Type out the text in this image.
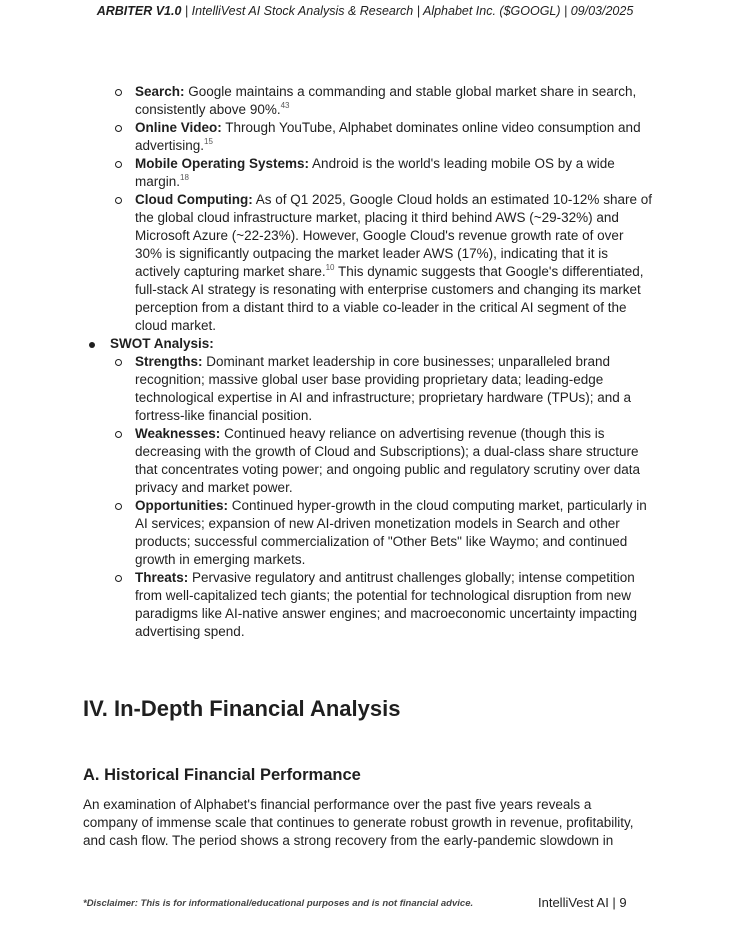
ARBITER V1.0 | IntelliVest AI Stock Analysis & Research | Alphabet Inc. ($GOOGL) | 09/03/2025
Search: Google maintains a commanding and stable global market share in search, consistently above 90%.$^{43}$
Online Video: Through YouTube, Alphabet dominates online video consumption and advertising.$^{15}$
Mobile Operating Systems: Android is the world's leading mobile OS by a wide margin.$^{18}$
Cloud Computing: As of Q1 2025, Google Cloud holds an estimated 10-12% share of the global cloud infrastructure market, placing it third behind AWS (~29-32%) and Microsoft Azure (~22-23%). However, Google Cloud's revenue growth rate of over 30% is significantly outpacing the market leader AWS (17%), indicating that it is actively capturing market share.$^{10}$ This dynamic suggests that Google's differentiated, full-stack AI strategy is resonating with enterprise customers and changing its market perception from a distant third to a viable co-leader in the critical AI segment of the cloud market.
SWOT Analysis:
Strengths: Dominant market leadership in core businesses; unparalleled brand recognition; massive global user base providing proprietary data; leading-edge technological expertise in AI and infrastructure; proprietary hardware (TPUs); and a fortress-like financial position.
Weaknesses: Continued heavy reliance on advertising revenue (though this is decreasing with the growth of Cloud and Subscriptions); a dual-class share structure that concentrates voting power; and ongoing public and regulatory scrutiny over data privacy and market power.
Opportunities: Continued hyper-growth in the cloud computing market, particularly in AI services; expansion of new AI-driven monetization models in Search and other products; successful commercialization of "Other Bets" like Waymo; and continued growth in emerging markets.
Threats: Pervasive regulatory and antitrust challenges globally; intense competition from well-capitalized tech giants; the potential for technological disruption from new paradigms like AI-native answer engines; and macroeconomic uncertainty impacting advertising spend.
IV. In-Depth Financial Analysis
A. Historical Financial Performance

An examination of Alphabet's financial performance over the past five years reveals a company of immense scale that continues to generate robust growth in revenue, profitability, and cash flow. The period shows a strong recovery from the early-pandemic slowdown in

*Disclaimer: This is for informational/educational purposes and is not financial advice.	IntelliVest AI | 9
